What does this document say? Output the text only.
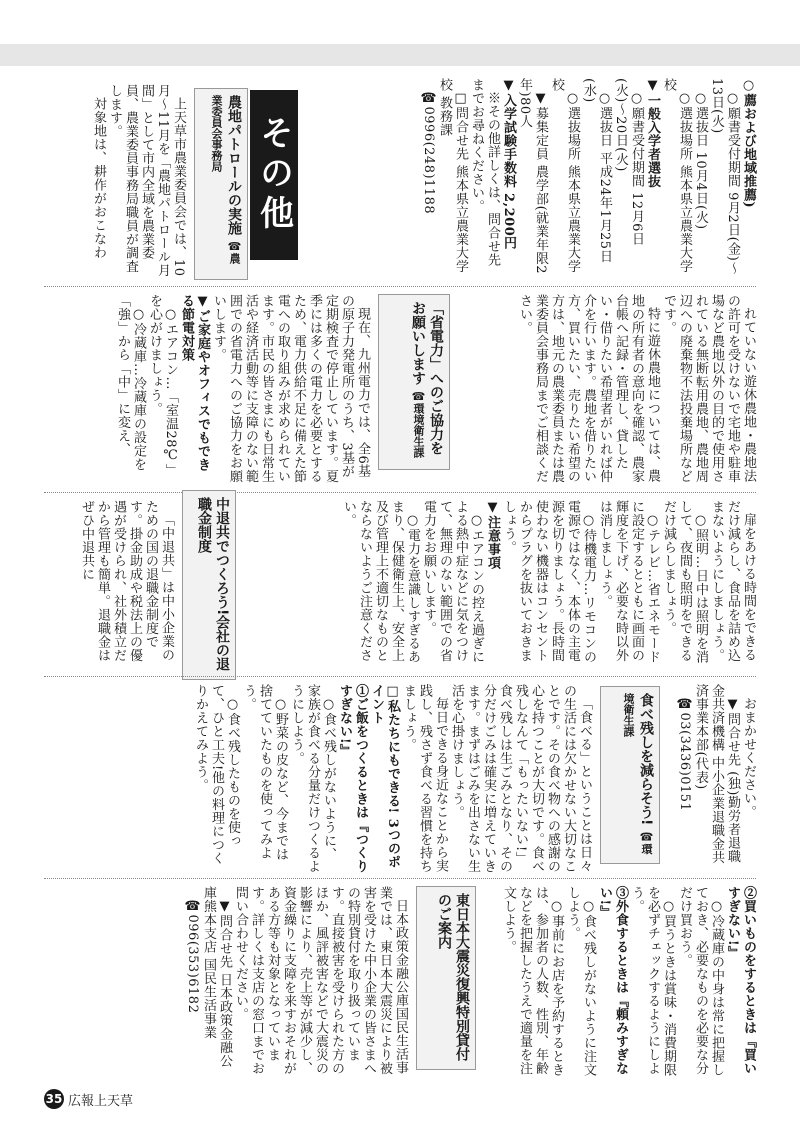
○薦および地域推薦)

○願書受付期間 9月2日(金)〜13日(火)

○選抜日 10月4日(火)

○選抜場所 熊本県立農業大学校

▼一般入学者選抜

○願書受付期間 12月6日(火)〜20日(火)

○選抜日 平成24年1月25日(水)

○選抜場所 熊本県立農業大学校

▼募集定員 農学部(就業年限2年)80人

▼入学試験手数料 2,200円

※その他詳しくは、問合せ先までお尋ねください。

□問合せ先 熊本県立農業大学校 教務課

☎0996(248)1188

その他
農地パトロールの実施 ☎農業委員会事務局

上天草市農業委員会では、10月〜11月を「農地パトロール月間」として市内全域を農業委員、農業委員事務局職員が調査します。

対象地は、耕作がおこなわ

れていない遊休農地・農地法の許可を受けないで宅地や駐車場など農地以外の目的で使用されている無断転用農地、農地周辺への廃棄物不法投棄場所などです。

特に遊休農地については、農地の所有者の意向を確認、農家台帳へ記録・管理し、貸したい・借りたい希望者がいれば仲介を行います。農地を借りたい方、買いたい、売りたい希望の方は、地元の農業委員または農業委員会事務局までご相談ください。

「省電力」へのご協力をお願いします ☎環境衛生課

現在、九州電力では、全6基の原子力発電所のうち、3基が定期検査で停止しています。夏季には多くの電力を必要とするため、電力供給不足に備えた節電への取り組みが求められています。市民の皆さまにも日常生活や経済活動等に支障のない範囲での省電力へのご協力をお願いします。

▼ご家庭やオフィスでもできる節電対策

○エアコン…「室温28℃」を心がけましょう。

○冷蔵庫…冷蔵庫の設定を「強」から「中」に変え、

扉をあける時間をできるだけ減らし、食品を詰め込まないようにしましょう。

○照明…日中は照明を消して、夜間も照明をできるだけ減らしましょう。

○テレビ…省エネモードに設定するとともに画面の輝度を下げ、必要な時以外は消しましょう。

○待機電力…リモコンの電源ではなく、本体の主電源を切りましょう。長時間使わない機器はコンセントからプラグを抜いておきましょう。

▼注意事項

○エアコンの控え過ぎによる熱中症などに気をつけて、無理のない範囲での省電力をお願いします。

○電力を意識しすぎるあまり、保健衛生上、安全上及び管理上不適切なものとならないようご注意ください。

中退共でつくろう!会社の退職金制度

「中退共」は中小企業のための国の退職金制度です。掛金助成や税法上の優遇が受けられ、社外積立だから管理も簡単。退職金はぜひ中退共に

おまかせください。

▼問合せ先 (独)勤労者退職金共済機構 中小企業退職金共済事業本部(代表)

☎03(3436)0151

食べ残しを減らそう! ☎環境衛生課

「食べる」ということは日々の生活には欠かせない大切なことです。その食べ物への感謝の心を持つことが大切です。食べ残しなんて「もったいない!」食べ残しは生ごみとなり、その分だけごみは確実に増えていきます。まずはごみを出さない生活を心掛けましょう。

毎日できる身近なことから実践し、残さず食べる習慣を持ちましょう。

□私たちにもできる! 3つのポイント

①ご飯をつくるときは『つくりすぎない!』

○食べ残しがないように、家族が食べる分量だけつくるようにしよう。

○野菜の皮など、今までは捨てていたものを使ってみよう。

○食べ残したものを使って、ひと工夫!他の料理につくりかえてみよう。

②買いものをするときは『買いすぎない!』

○冷蔵庫の中身は常に把握しておき、必要なものを必要な分だけ買おう。

○買うときは賞味・消費期限を必ずチェックするようにしよう。

③外食するときは『頼みすぎない!』

○食べ残しがないように注文しよう。

○事前にお店を予約するときは、参加者の人数、性別、年齢などを把握したうえで適量を注文しよう。

東日本大震災復興特別貸付のご案内

日本政策金融公庫国民生活事業では、東日本大震災により被害を受けた中小企業の皆さまへの特別貸付を取り扱っています。直接被害を受けられた方のほか、風評被害などで大震災の影響により、売上等が減少し、資金繰りに支障を来すおそれがある方等も対象となっています。詳しくは支店の窓口までお問い合わせください。

▼問合せ先 日本政策金融公庫熊本支店 国民生活事業

☎096(353)6182

35 広報上天草
